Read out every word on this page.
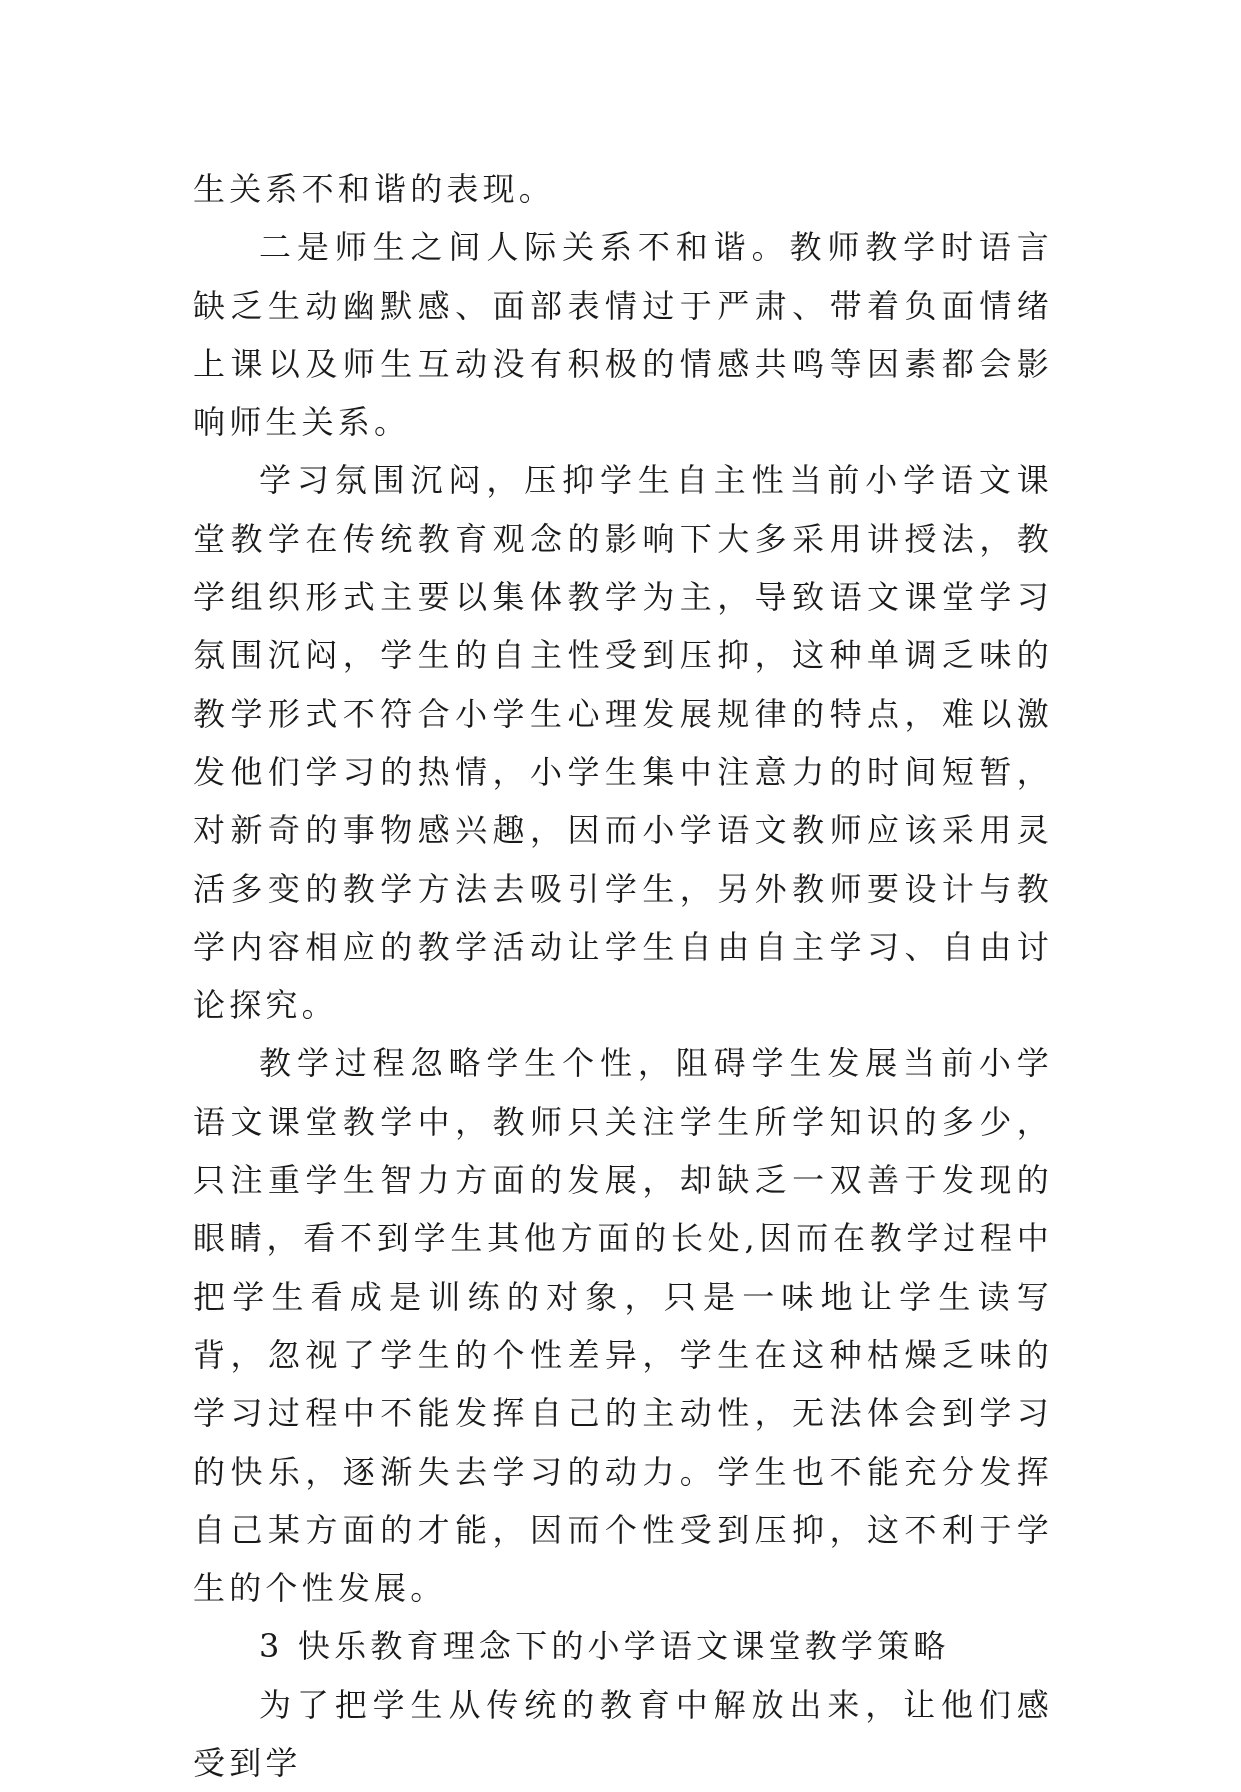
生关系不和谐的表现。

二是师生之间人际关系不和谐。教师教学时语言缺乏生动幽默感、面部表情过于严肃、带着负面情绪上课以及师生互动没有积极的情感共鸣等因素都会影响师生关系。

学习氛围沉闷，压抑学生自主性当前小学语文课堂教学在传统教育观念的影响下大多采用讲授法，教学组织形式主要以集体教学为主，导致语文课堂学习氛围沉闷，学生的自主性受到压抑，这种单调乏味的教学形式不符合小学生心理发展规律的特点，难以激发他们学习的热情，小学生集中注意力的时间短暂，对新奇的事物感兴趣，因而小学语文教师应该采用灵活多变的教学方法去吸引学生，另外教师要设计与教学内容相应的教学活动让学生自由自主学习、自由讨论探究。

教学过程忽略学生个性，阻碍学生发展当前小学语文课堂教学中，教师只关注学生所学知识的多少，只注重学生智力方面的发展，却缺乏一双善于发现的眼睛，看不到学生其他方面的长处,因而在教学过程中把学生看成是训练的对象，只是一味地让学生读写背，忽视了学生的个性差异，学生在这种枯燥乏味的学习过程中不能发挥自己的主动性，无法体会到学习的快乐，逐渐失去学习的动力。学生也不能充分发挥自己某方面的才能，因而个性受到压抑，这不利于学生的个性发展。

3 快乐教育理念下的小学语文课堂教学策略

为了把学生从传统的教育中解放出来，让他们感受到学
